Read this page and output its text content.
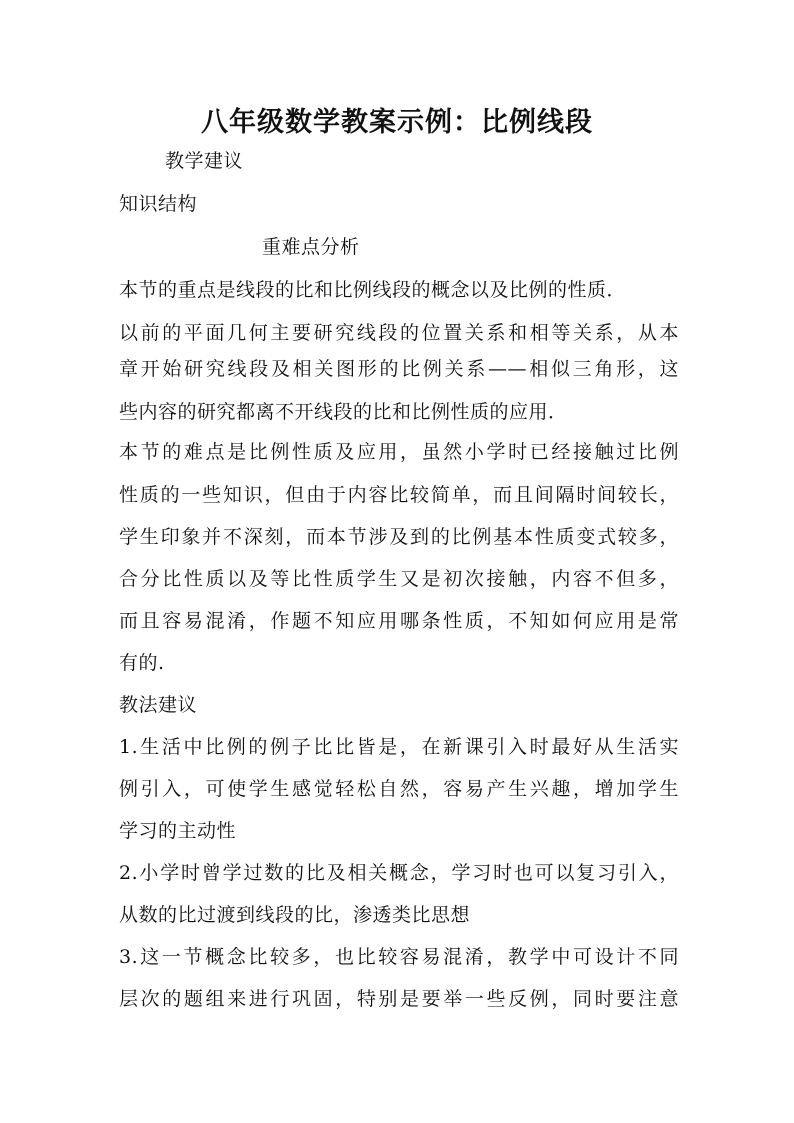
八年级数学教案示例：比例线段
教学建议
知识结构
重难点分析
本节的重点是线段的比和比例线段的概念以及比例的性质．
以前的平面几何主要研究线段的位置关系和相等关系，从本
章开始研究线段及相关图形的比例关系——相似三角形，这
些内容的研究都离不开线段的比和比例性质的应用．
本节的难点是比例性质及应用，虽然小学时已经接触过比例
性质的一些知识，但由于内容比较简单，而且间隔时间较长，
学生印象并不深刻，而本节涉及到的比例基本性质变式较多，
合分比性质以及等比性质学生又是初次接触，内容不但多，
而且容易混淆，作题不知应用哪条性质，不知如何应用是常
有的.
教法建议
1.生活中比例的例子比比皆是，在新课引入时最好从生活实
例引入，可使学生感觉轻松自然，容易产生兴趣，增加学生
学习的主动性
2.小学时曾学过数的比及相关概念，学习时也可以复习引入，
从数的比过渡到线段的比，渗透类比思想
3.这一节概念比较多，也比较容易混淆，教学中可设计不同
层次的题组来进行巩固，特别是要举一些反例，同时要注意
